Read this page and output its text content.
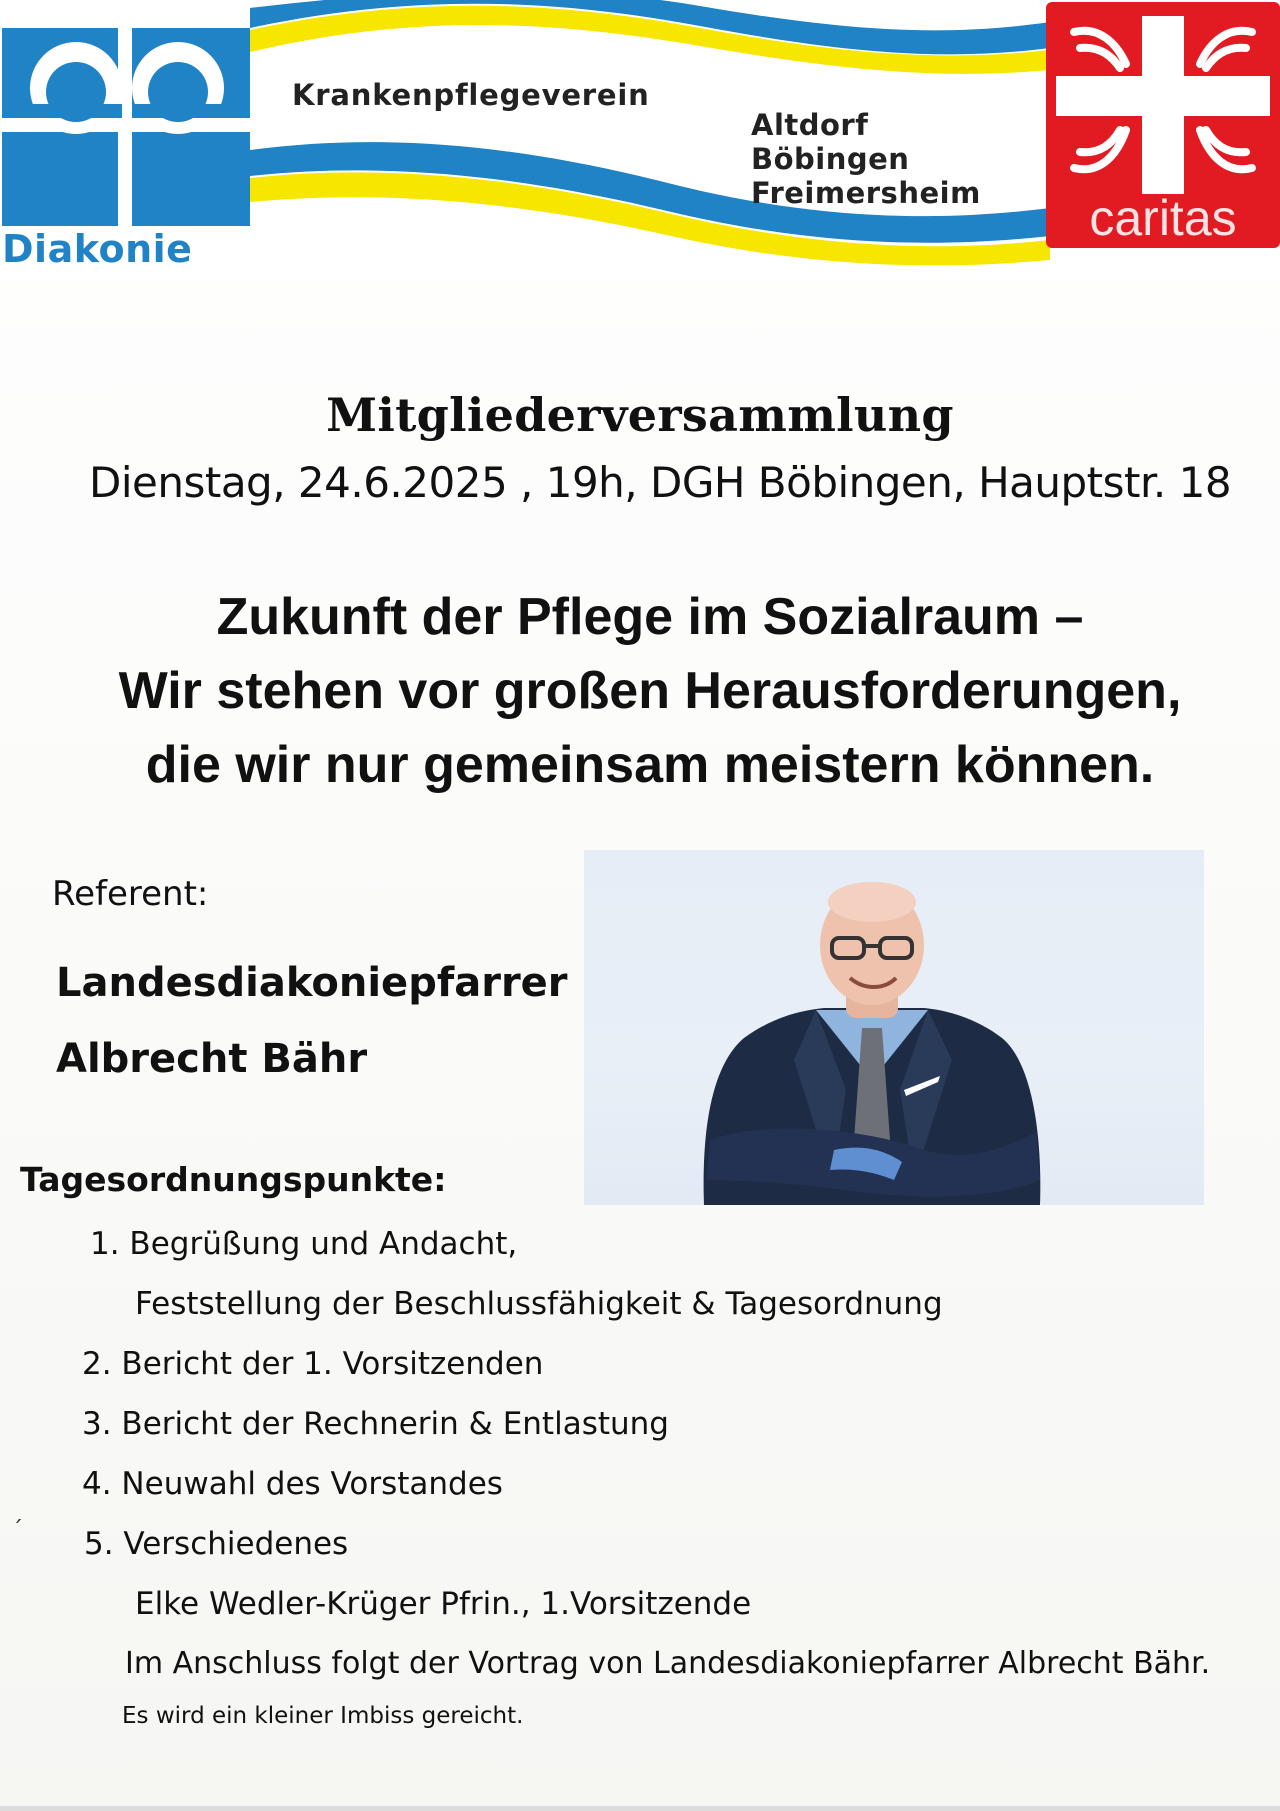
Diakonie
Krankenpflegeverein
Altdorf
Böbingen
Freimersheim	caritas
Mitgliederversammlung
Dienstag, 24.6.2025 , 19h, DGH Böbingen, Hauptstr. 18
Zukunft der Pflege im Sozialraum –
Wir stehen vor großen Herausforderungen,
die wir nur gemeinsam meistern können.
Referent:
Landesdiakoniepfarrer
Albrecht Bähr
Tagesordnungspunkte:
1. Begrüßung und Andacht,
Feststellung der Beschlussfähigkeit & Tagesordnung
2. Bericht der 1. Vorsitzenden
3. Bericht der Rechnerin & Entlastung
4. Neuwahl des Vorstandes
5. Verschiedenes
Elke Wedler-Krüger Pfrin., 1.Vorsitzende
Im Anschluss folgt der Vortrag von Landesdiakoniepfarrer Albrecht Bähr.
´
Es wird ein kleiner Imbiss gereicht.
